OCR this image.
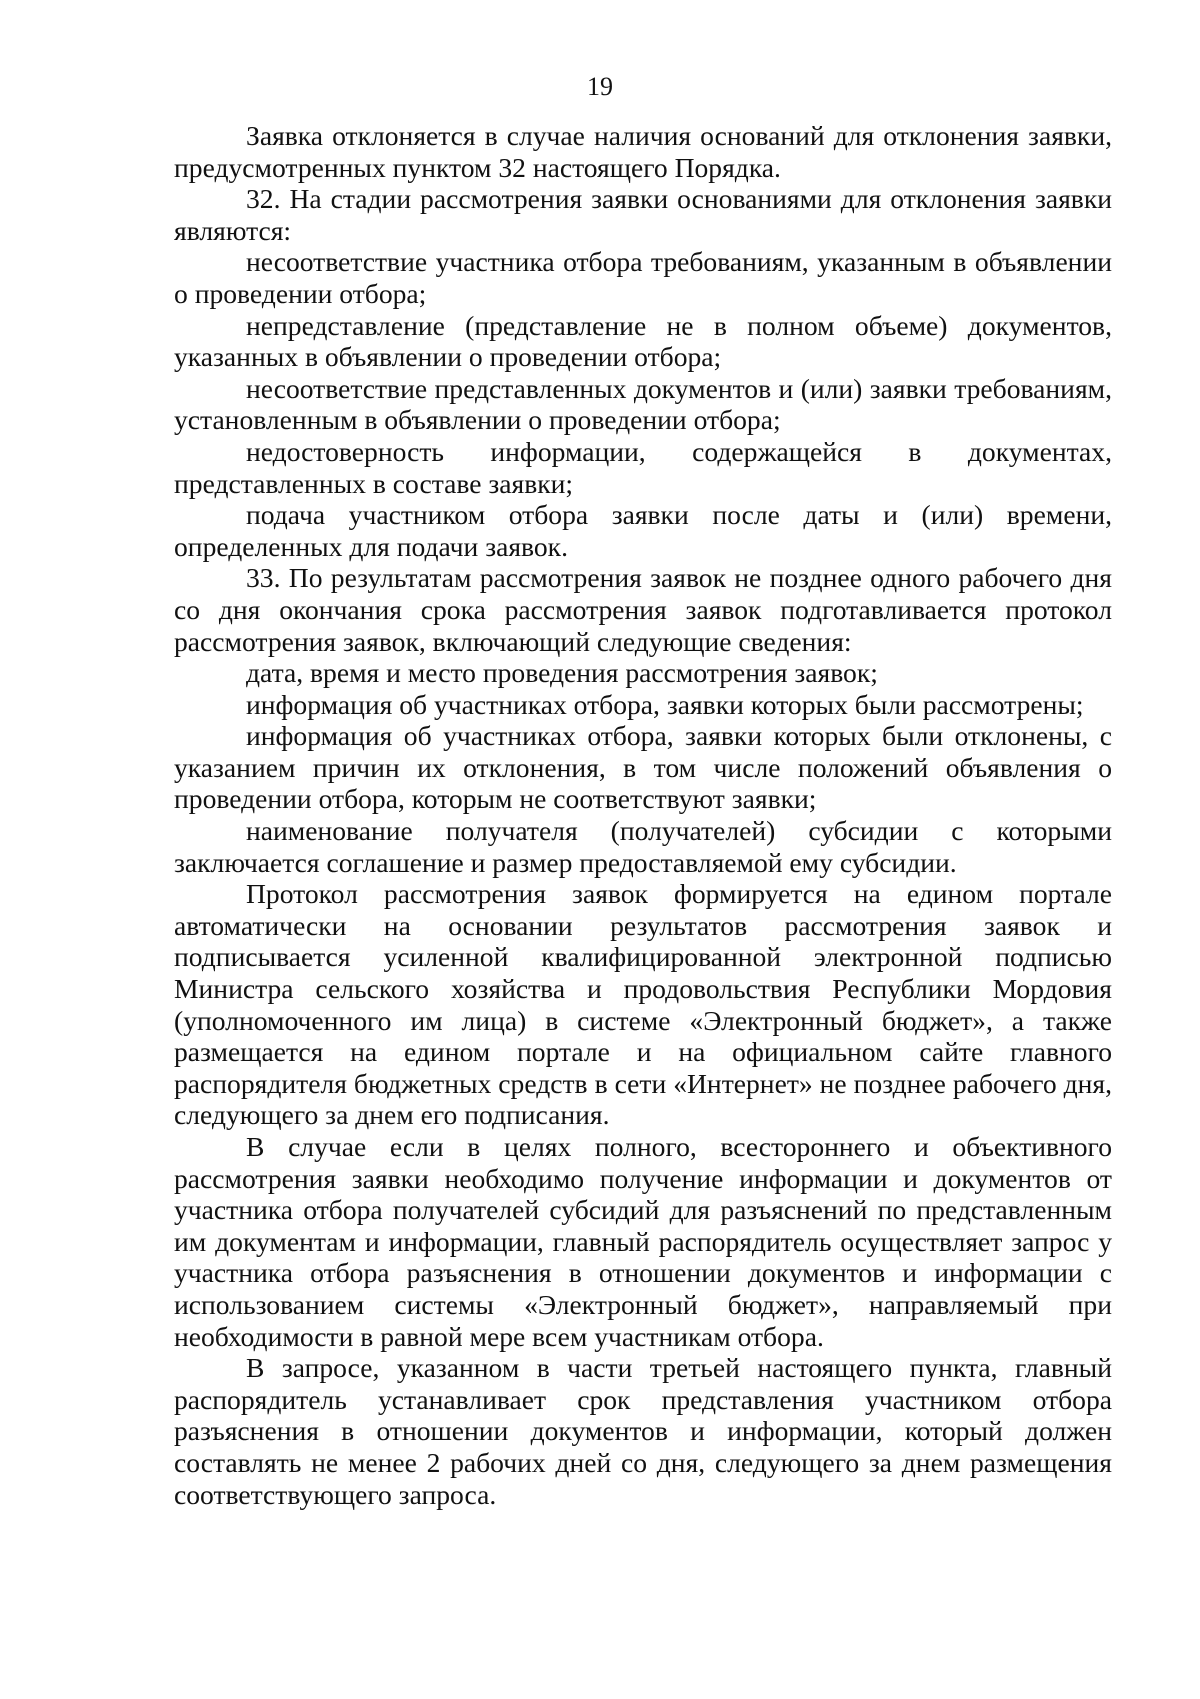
19

Заявка отклоняется в случае наличия оснований для отклонения заявки, предусмотренных пунктом 32 настоящего Порядка.

32. На стадии рассмотрения заявки основаниями для отклонения заявки являются:

несоответствие участника отбора требованиям, указанным в объявлении о проведении отбора;

непредставление (представление не в полном объеме) документов, указанных в объявлении о проведении отбора;

несоответствие представленных документов и (или) заявки требованиям, установленным в объявлении о проведении отбора;

недостоверность информации, содержащейся в документах, представленных в составе заявки;

подача участником отбора заявки после даты и (или) времени, определенных для подачи заявок.

33. По результатам рассмотрения заявок не позднее одного рабочего дня со дня окончания срока рассмотрения заявок подготавливается протокол рассмотрения заявок, включающий следующие сведения:

дата, время и место проведения рассмотрения заявок;

информация об участниках отбора, заявки которых были рассмотрены;

информация об участниках отбора, заявки которых были отклонены, с указанием причин их отклонения, в том числе положений объявления о проведении отбора, которым не соответствуют заявки;

наименование получателя (получателей) субсидии с которыми заключается соглашение и размер предоставляемой ему субсидии.

Протокол рассмотрения заявок формируется на едином портале автоматически на основании результатов рассмотрения заявок и подписывается усиленной квалифицированной электронной подписью Министра сельского хозяйства и продовольствия Республики Мордовия (уполномоченного им лица) в системе «Электронный бюджет», а также размещается на едином портале и на официальном сайте главного распорядителя бюджетных средств в сети «Интернет» не позднее рабочего дня, следующего за днем его подписания.

В случае если в целях полного, всестороннего и объективного рассмотрения заявки необходимо получение информации и документов от участника отбора получателей субсидий для разъяснений по представленным им документам и информации, главный распорядитель осуществляет запрос у участника отбора разъяснения в отношении документов и информации с использованием системы «Электронный бюджет», направляемый при необходимости в равной мере всем участникам отбора.

В запросе, указанном в части третьей настоящего пункта, главный распорядитель устанавливает срок представления участником отбора разъяснения в отношении документов и информации, который должен составлять не менее 2 рабочих дней со дня, следующего за днем размещения соответствующего запроса.
